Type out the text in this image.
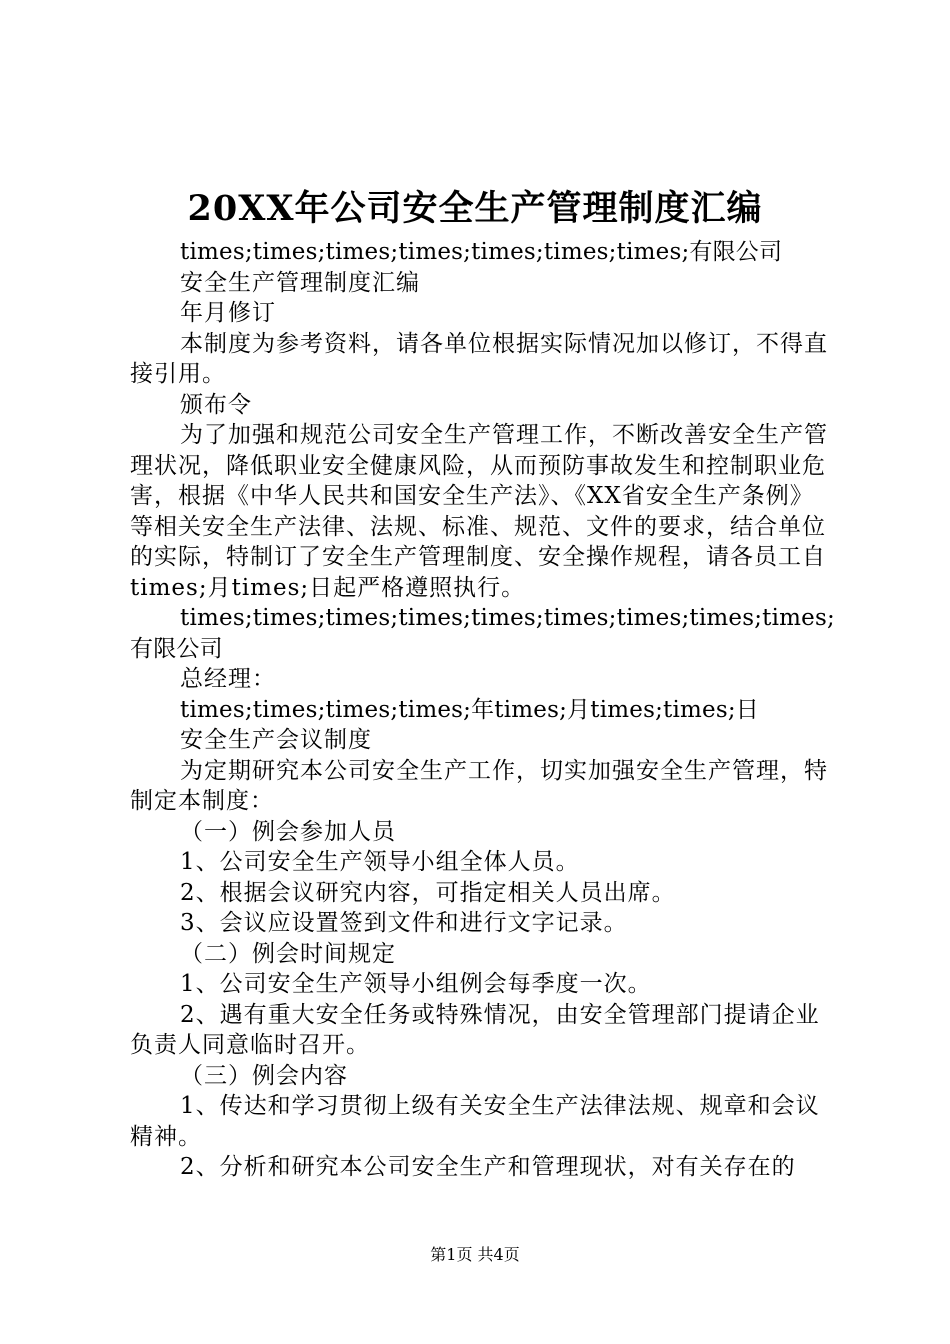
20XX年公司安全生产管理制度汇编

times;times;times;times;times;times;times;有限公司

安全生产管理制度汇编

年月修订

本制度为参考资料，请各单位根据实际情况加以修订，不得直接引用。

颁布令

为了加强和规范公司安全生产管理工作，不断改善安全生产管理状况，降低职业安全健康风险，从而预防事故发生和控制职业危害，根据《中华人民共和国安全生产法》、《XX省安全生产条例》等相关安全生产法律、法规、标准、规范、文件的要求，结合单位的实际，特制订了安全生产管理制度、安全操作规程，请各员工自times;月times;日起严格遵照执行。

times;times;times;times;times;times;times;times;times;有限公司

总经理：

times;times;times;times;年times;月times;times;日

安全生产会议制度

为定期研究本公司安全生产工作，切实加强安全生产管理，特制定本制度：

（一）例会参加人员

1、公司安全生产领导小组全体人员。

2、根据会议研究内容，可指定相关人员出席。

3、会议应设置签到文件和进行文字记录。

（二）例会时间规定

1、公司安全生产领导小组例会每季度一次。

2、遇有重大安全任务或特殊情况，由安全管理部门提请企业负责人同意临时召开。

（三）例会内容

1、传达和学习贯彻上级有关安全生产法律法规、规章和会议精神。

2、分析和研究本公司安全生产和管理现状，对有关存在的

第1页 共4页
